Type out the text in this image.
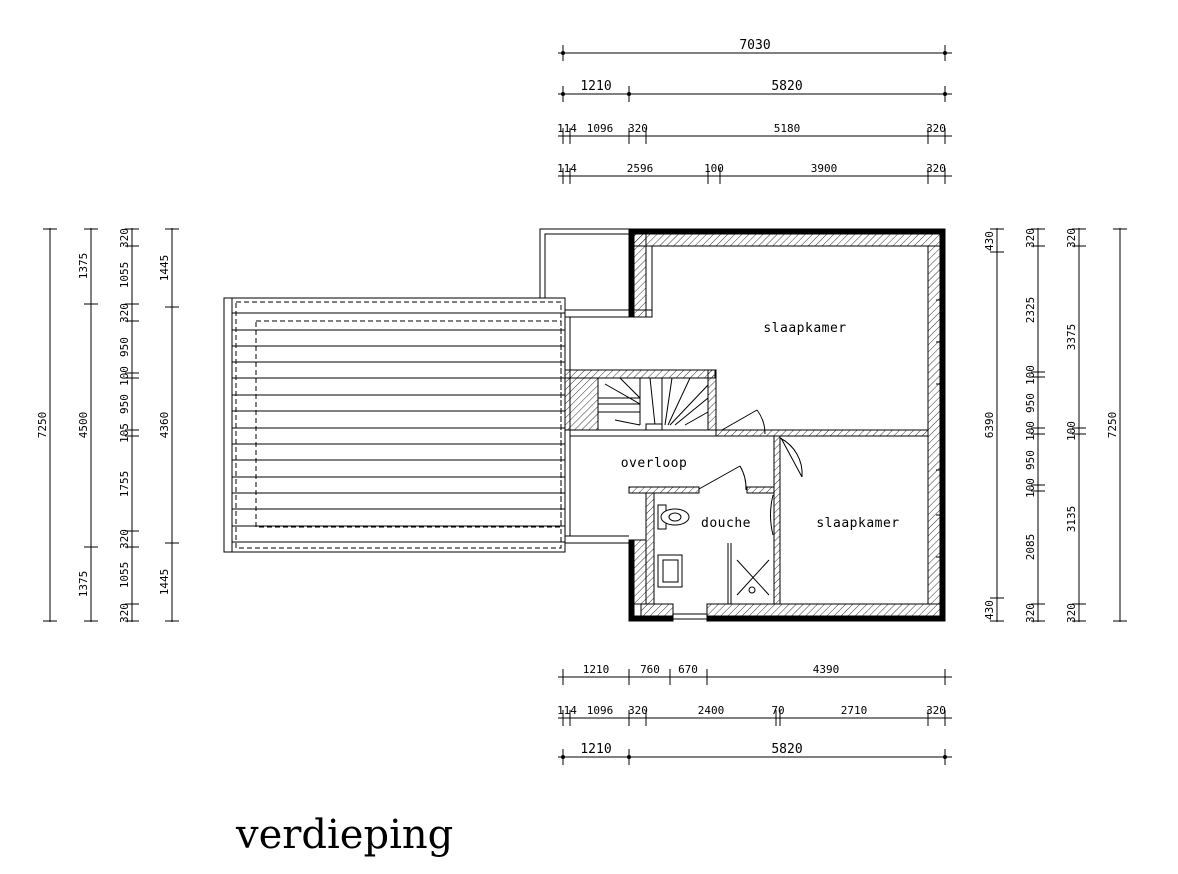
7030
1210	5820
114 1096 320	5180	320
114	2596	100	3900	320
1210	760 670	4390
114 1096 320	2400	70	2710	320
1210	5820
7250
1375
4500
1375
320
1055
320
950
100
950
105
1755
320
1055
320
1445
4360
1445
430
6390
430
320
2325
100
950
100
950
100
2085
320
320
3375
100
3135
320
7250
slaapkamer
slaapkamer
overloop
douche
verdieping
